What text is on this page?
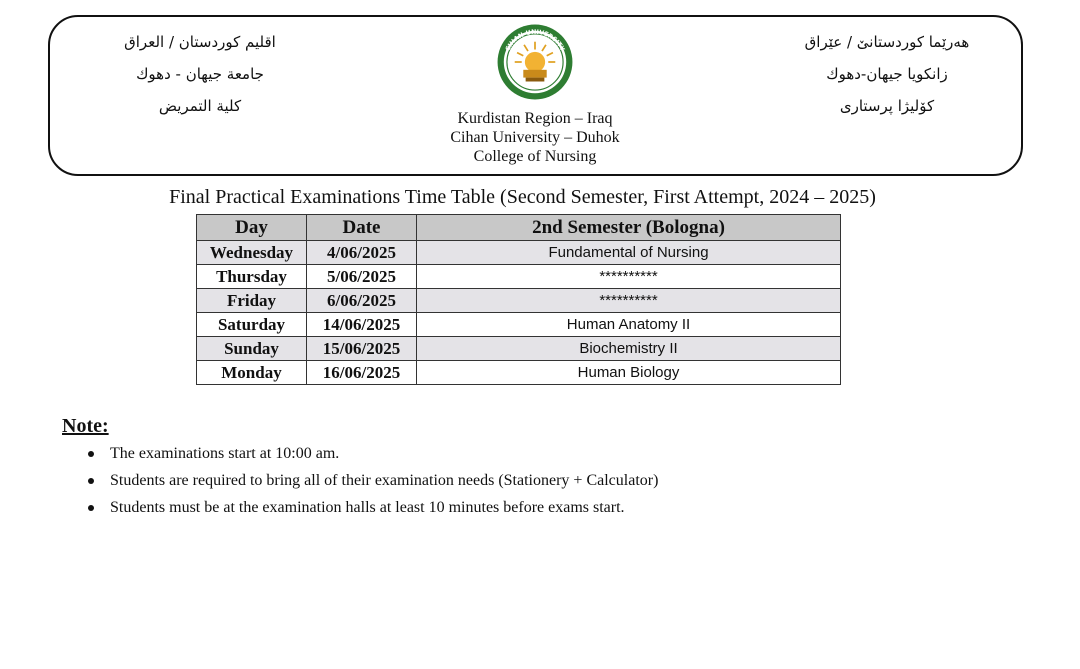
اقليم كوردستان / العراق
جامعة جيهان - دهوك
كلية التمريض
CIHAN UNIVERSITY
Kurdistan Region – Iraq
Cihan University – Duhok
College of Nursing
هەرێما كوردستانێ / عێراق
زانكويا جيهان-دهوك
كۆلیژا پرستاری
Final Practical Examinations Time Table (Second Semester, First Attempt, 2024 – 2025)
Day	Date	2nd Semester (Bologna)
Wednesday	4/06/2025	Fundamental of Nursing
Thursday	5/06/2025	**********
Friday	6/06/2025	**********
Saturday	14/06/2025	Human Anatomy II
Sunday	15/06/2025	Biochemistry II
Monday	16/06/2025	Human Biology
Note:
The examinations start at 10:00 am.
Students are required to bring all of their examination needs (Stationery + Calculator)
Students must be at the examination halls at least 10 minutes before exams start.
